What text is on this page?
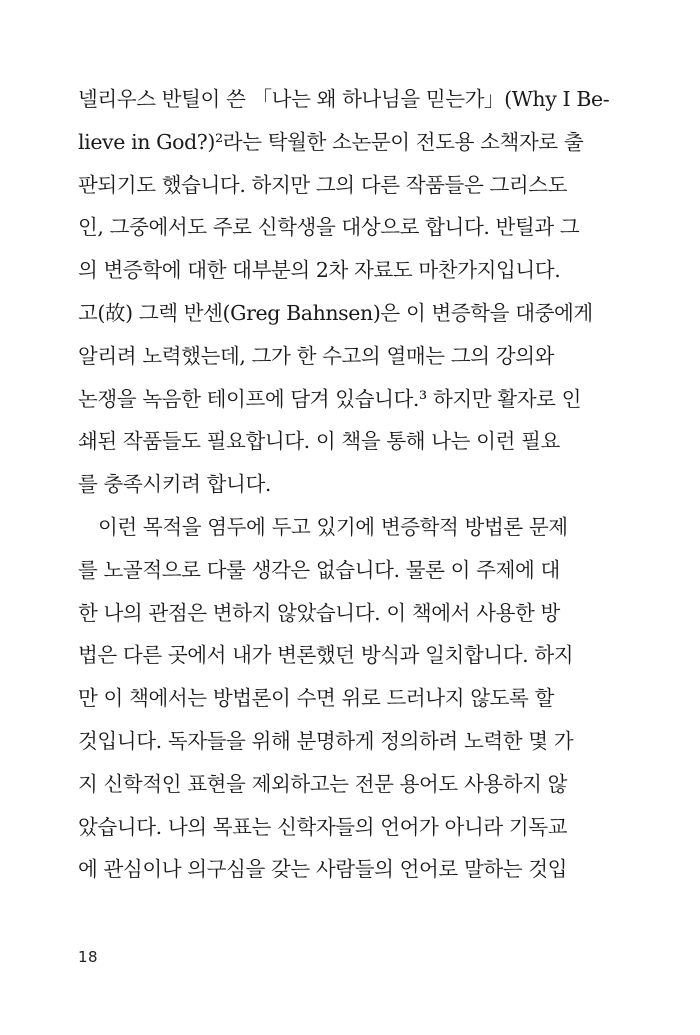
넬리우스 반틸이 쓴 「나는 왜 하나님을 믿는가」(Why I Be-
lieve in God?)²라는 탁월한 소논문이 전도용 소책자로 출
판되기도 했습니다. 하지만 그의 다른 작품들은 그리스도
인, 그중에서도 주로 신학생을 대상으로 합니다. 반틸과 그
의 변증학에 대한 대부분의 2차 자료도 마찬가지입니다.
고(故) 그렉 반센(Greg Bahnsen)은 이 변증학을 대중에게
알리려 노력했는데, 그가 한 수고의 열매는 그의 강의와
논쟁을 녹음한 테이프에 담겨 있습니다.³ 하지만 활자로 인
쇄된 작품들도 필요합니다. 이 책을 통해 나는 이런 필요
를 충족시키려 합니다.
이런 목적을 염두에 두고 있기에 변증학적 방법론 문제
를 노골적으로 다룰 생각은 없습니다. 물론 이 주제에 대
한 나의 관점은 변하지 않았습니다. 이 책에서 사용한 방
법은 다른 곳에서 내가 변론했던 방식과 일치합니다. 하지
만 이 책에서는 방법론이 수면 위로 드러나지 않도록 할
것입니다. 독자들을 위해 분명하게 정의하려 노력한 몇 가
지 신학적인 표현을 제외하고는 전문 용어도 사용하지 않
았습니다. 나의 목표는 신학자들의 언어가 아니라 기독교
에 관심이나 의구심을 갖는 사람들의 언어로 말하는 것입
18
